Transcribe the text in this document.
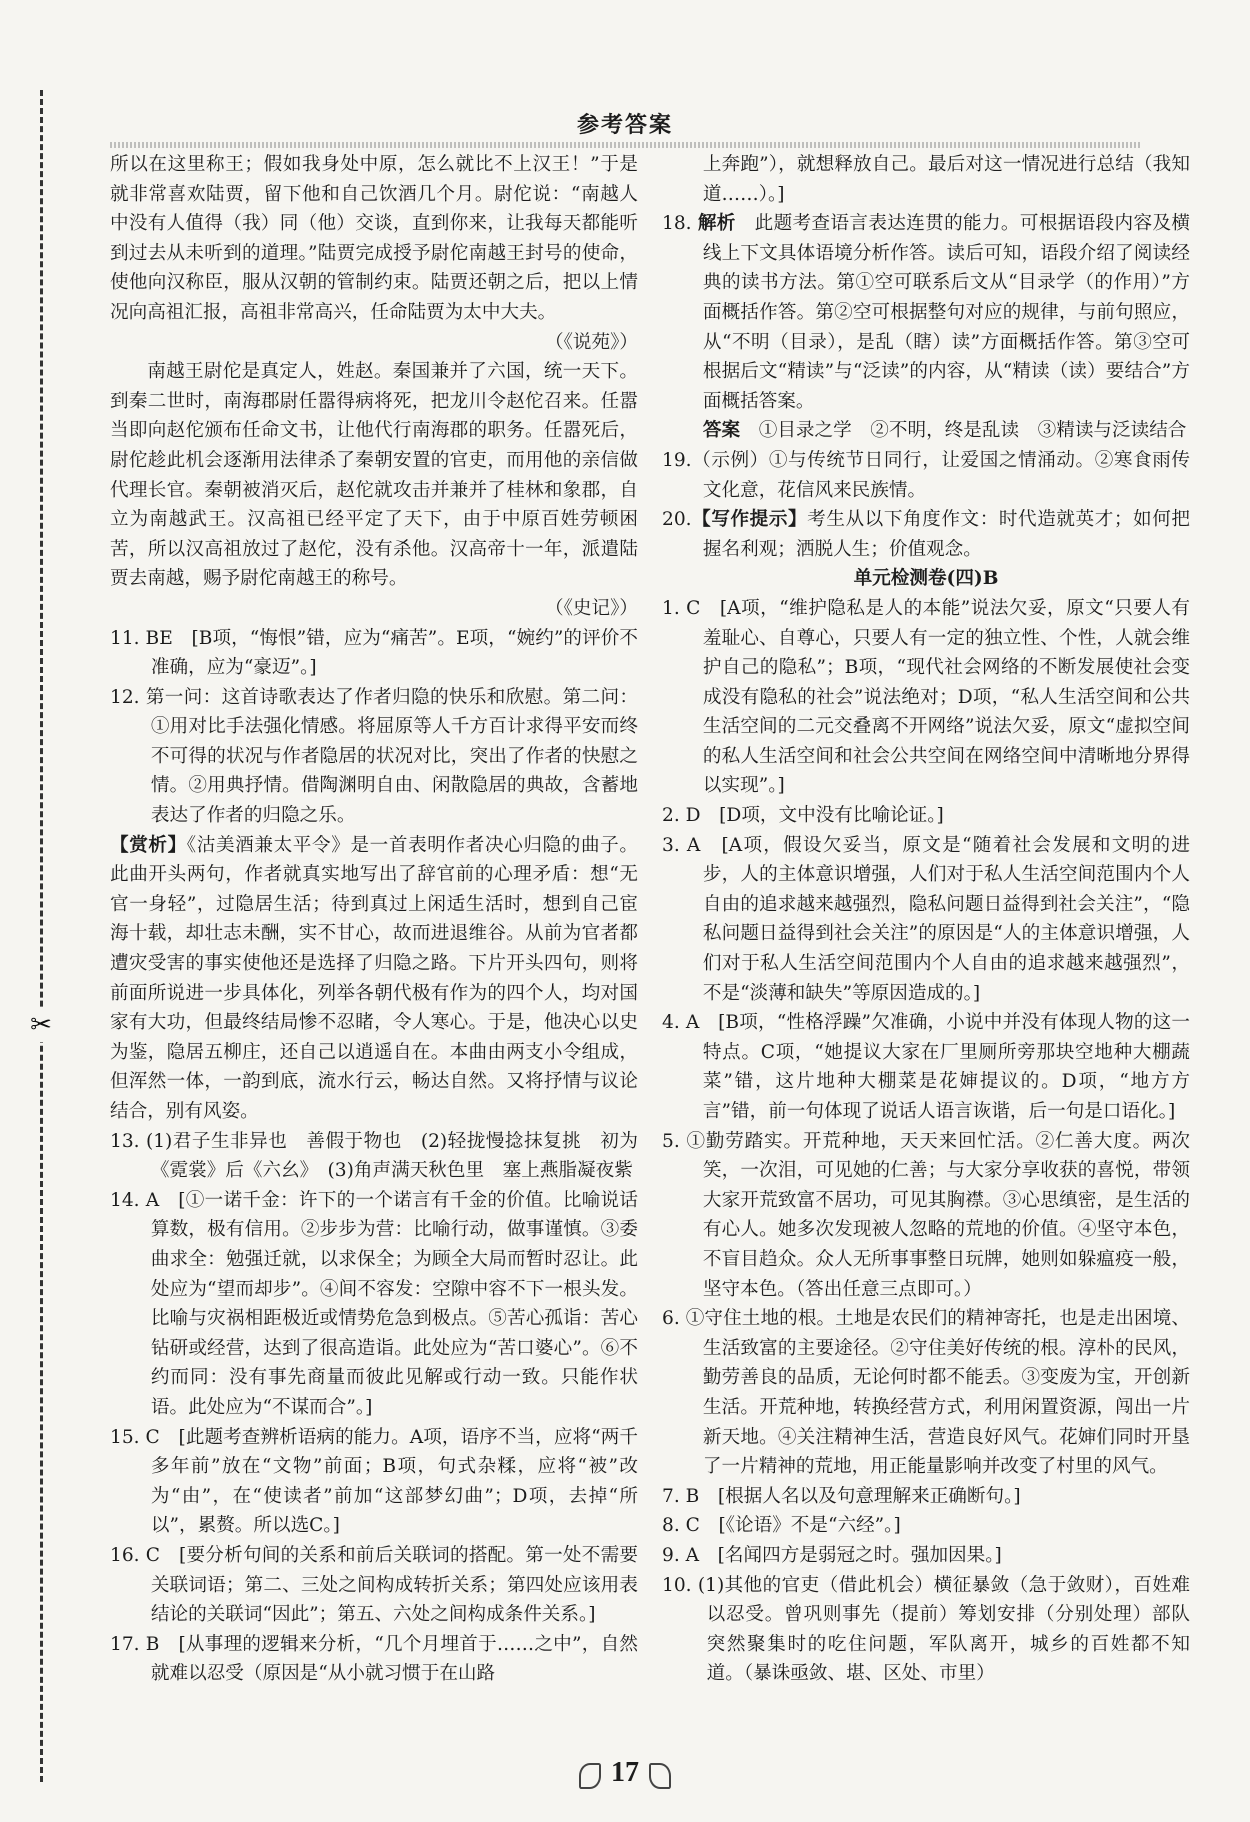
✂
参考答案

所以在这里称王；假如我身处中原，怎么就比不上汉王！”于是就非常喜欢陆贾，留下他和自己饮酒几个月。尉佗说：“南越人中没有人值得（我）同（他）交谈，直到你来，让我每天都能听到过去从未听到的道理。”陆贾完成授予尉佗南越王封号的使命，使他向汉称臣，服从汉朝的管制约束。陆贾还朝之后，把以上情况向高祖汇报，高祖非常高兴，任命陆贾为太中大夫。

（《说苑》）

南越王尉佗是真定人，姓赵。秦国兼并了六国，统一天下。到秦二世时，南海郡尉任嚣得病将死，把龙川令赵佗召来。任嚣当即向赵佗颁布任命文书，让他代行南海郡的职务。任嚣死后，尉佗趁此机会逐渐用法律杀了秦朝安置的官吏，而用他的亲信做代理长官。秦朝被消灭后，赵佗就攻击并兼并了桂林和象郡，自立为南越武王。汉高祖已经平定了天下，由于中原百姓劳顿困苦，所以汉高祖放过了赵佗，没有杀他。汉高帝十一年，派遣陆贾去南越，赐予尉佗南越王的称号。

（《史记》）

11. BE　[B项，“悔恨”错，应为“痛苦”。E项，“婉约”的评价不准确，应为“豪迈”。]

12. 第一问：这首诗歌表达了作者归隐的快乐和欣慰。第二问：①用对比手法强化情感。将屈原等人千方百计求得平安而终不可得的状况与作者隐居的状况对比，突出了作者的快慰之情。②用典抒情。借陶渊明自由、闲散隐居的典故，含蓄地表达了作者的归隐之乐。

【赏析】《沽美酒兼太平令》是一首表明作者决心归隐的曲子。此曲开头两句，作者就真实地写出了辞官前的心理矛盾：想“无官一身轻”，过隐居生活；待到真过上闲适生活时，想到自己宦海十载，却壮志未酬，实不甘心，故而进退维谷。从前为官者都遭灾受害的事实使他还是选择了归隐之路。下片开头四句，则将前面所说进一步具体化，列举各朝代极有作为的四个人，均对国家有大功，但最终结局惨不忍睹，令人寒心。于是，他决心以史为鉴，隐居五柳庄，还自己以逍遥自在。本曲由两支小令组成，但浑然一体，一韵到底，流水行云，畅达自然。又将抒情与议论结合，别有风姿。

13. (1)君子生非异也　善假于物也　(2)轻拢慢捻抹复挑　初为《霓裳》后《六幺》　(3)角声满天秋色里　塞上燕脂凝夜紫

14. A　[①一诺千金：许下的一个诺言有千金的价值。比喻说话算数，极有信用。②步步为营：比喻行动，做事谨慎。③委曲求全：勉强迁就，以求保全；为顾全大局而暂时忍让。此处应为“望而却步”。④间不容发：空隙中容不下一根头发。比喻与灾祸相距极近或情势危急到极点。⑤苦心孤诣：苦心钻研或经营，达到了很高造诣。此处应为“苦口婆心”。⑥不约而同：没有事先商量而彼此见解或行动一致。只能作状语。此处应为“不谋而合”。]

15. C　[此题考查辨析语病的能力。A项，语序不当，应将“两千多年前”放在“文物”前面；B项，句式杂糅，应将“被”改为“由”，在“使读者”前加“这部梦幻曲”；D项，去掉“所以”，累赘。所以选C。]

16. C　[要分析句间的关系和前后关联词的搭配。第一处不需要关联词语；第二、三处之间构成转折关系；第四处应该用表结论的关联词“因此”；第五、六处之间构成条件关系。]

17. B　[从事理的逻辑来分析，“几个月埋首于……之中”，自然就难以忍受（原因是“从小就习惯于在山路

上奔跑”），就想释放自己。最后对这一情况进行总结（我知道……）。]

18. 解析　 此题考查语言表达连贯的能力。可根据语段内容及横线上下文具体语境分析作答。读后可知，语段介绍了阅读经典的读书方法。第①空可联系后文从“目录学（的作用）”方面概括作答。第②空可根据整句对应的规律，与前句照应，从“不明（目录），是乱（瞎）读”方面概括作答。第③空可根据后文“精读”与“泛读”的内容，从“精读（读）要结合”方面概括答案。

答案　 ①目录之学　②不明，终是乱读　③精读与泛读结合

19.（示例）①与传统节日同行，让爱国之情涌动。②寒食雨传文化意，花信风来民族情。

20.【写作提示】考生从以下角度作文：时代造就英才；如何把握名利观；洒脱人生；价值观念。

单元检测卷(四)B

1. C　[A项，“维护隐私是人的本能”说法欠妥，原文“只要人有羞耻心、自尊心，只要人有一定的独立性、个性，人就会维护自己的隐私”；B项，“现代社会网络的不断发展使社会变成没有隐私的社会”说法绝对；D项，“私人生活空间和公共生活空间的二元交叠离不开网络”说法欠妥，原文“虚拟空间的私人生活空间和社会公共空间在网络空间中清晰地分界得以实现”。]

2. D　[D项，文中没有比喻论证。]

3. A　[A项，假设欠妥当，原文是“随着社会发展和文明的进步，人的主体意识增强，人们对于私人生活空间范围内个人自由的追求越来越强烈，隐私问题日益得到社会关注”，“隐私问题日益得到社会关注”的原因是“人的主体意识增强，人们对于私人生活空间范围内个人自由的追求越来越强烈”，不是“淡薄和缺失”等原因造成的。]

4. A　[B项，“性格浮躁”欠准确，小说中并没有体现人物的这一特点。C项，“她提议大家在厂里厕所旁那块空地种大棚蔬菜”错，这片地种大棚菜是花婶提议的。D项，“地方方言”错，前一句体现了说话人语言诙谐，后一句是口语化。]

5. ①勤劳踏实。开荒种地，天天来回忙活。②仁善大度。两次笑，一次泪，可见她的仁善；与大家分享收获的喜悦，带领大家开荒致富不居功，可见其胸襟。③心思缜密，是生活的有心人。她多次发现被人忽略的荒地的价值。④坚守本色，不盲目趋众。众人无所事事整日玩牌，她则如躲瘟疫一般，坚守本色。（答出任意三点即可。）

6. ①守住土地的根。土地是农民们的精神寄托，也是走出困境、生活致富的主要途径。②守住美好传统的根。淳朴的民风，勤劳善良的品质，无论何时都不能丢。③变废为宝，开创新生活。开荒种地，转换经营方式，利用闲置资源，闯出一片新天地。④关注精神生活，营造良好风气。花婶们同时开垦了一片精神的荒地，用正能量影响并改变了村里的风气。

7. B　[根据人名以及句意理解来正确断句。]

8. C　[《论语》不是“六经”。]

9. A　[名闻四方是弱冠之时。强加因果。]

10. (1)其他的官吏（借此机会）横征暴敛（急于敛财），百姓难以忍受。曾巩则事先（提前）筹划安排（分别处理）部队突然聚集时的吃住问题，军队离开，城乡的百姓都不知道。（暴诛亟敛、堪、区处、市里）

17
